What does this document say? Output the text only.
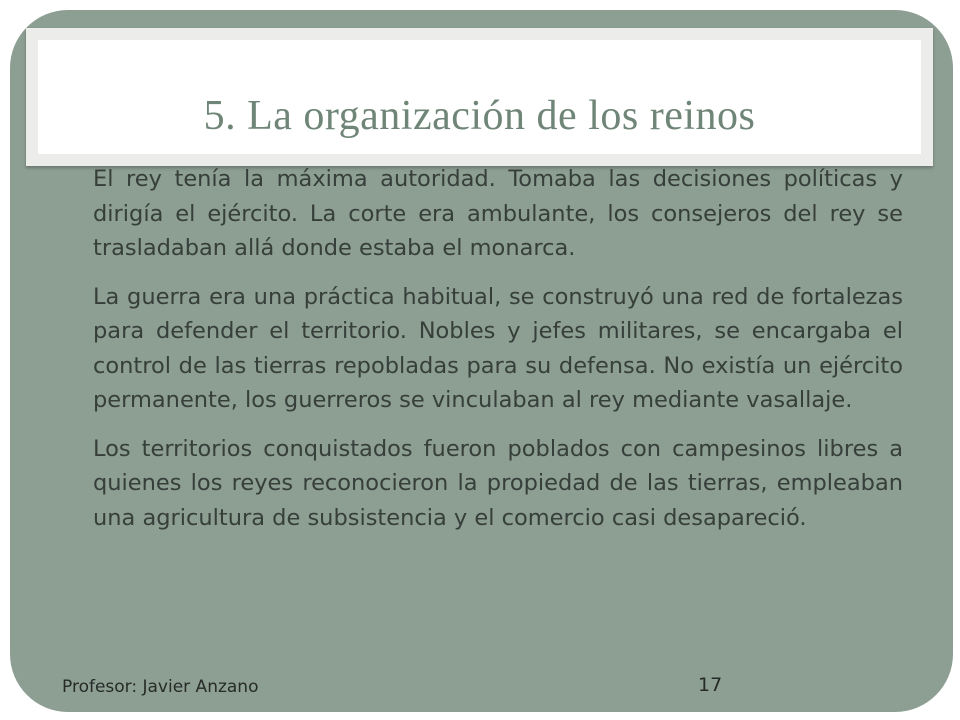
5. La organización de los reinos

El rey tenía la máxima autoridad. Tomaba las decisiones políticas y dirigía el ejército. La corte era ambulante, los consejeros del rey se trasladaban allá donde estaba el monarca.

La guerra era una práctica habitual, se construyó una red de fortalezas para defender el territorio. Nobles y jefes militares, se encargaba el control de las tierras repobladas para su defensa. No existía un ejército permanente, los guerreros se vinculaban al rey mediante vasallaje.

Los territorios conquistados fueron poblados con campesinos libres a quienes los reyes reconocieron la propiedad de las tierras, empleaban una agricultura de subsistencia y el comercio casi desapareció.

Profesor: Javier Anzano	17
